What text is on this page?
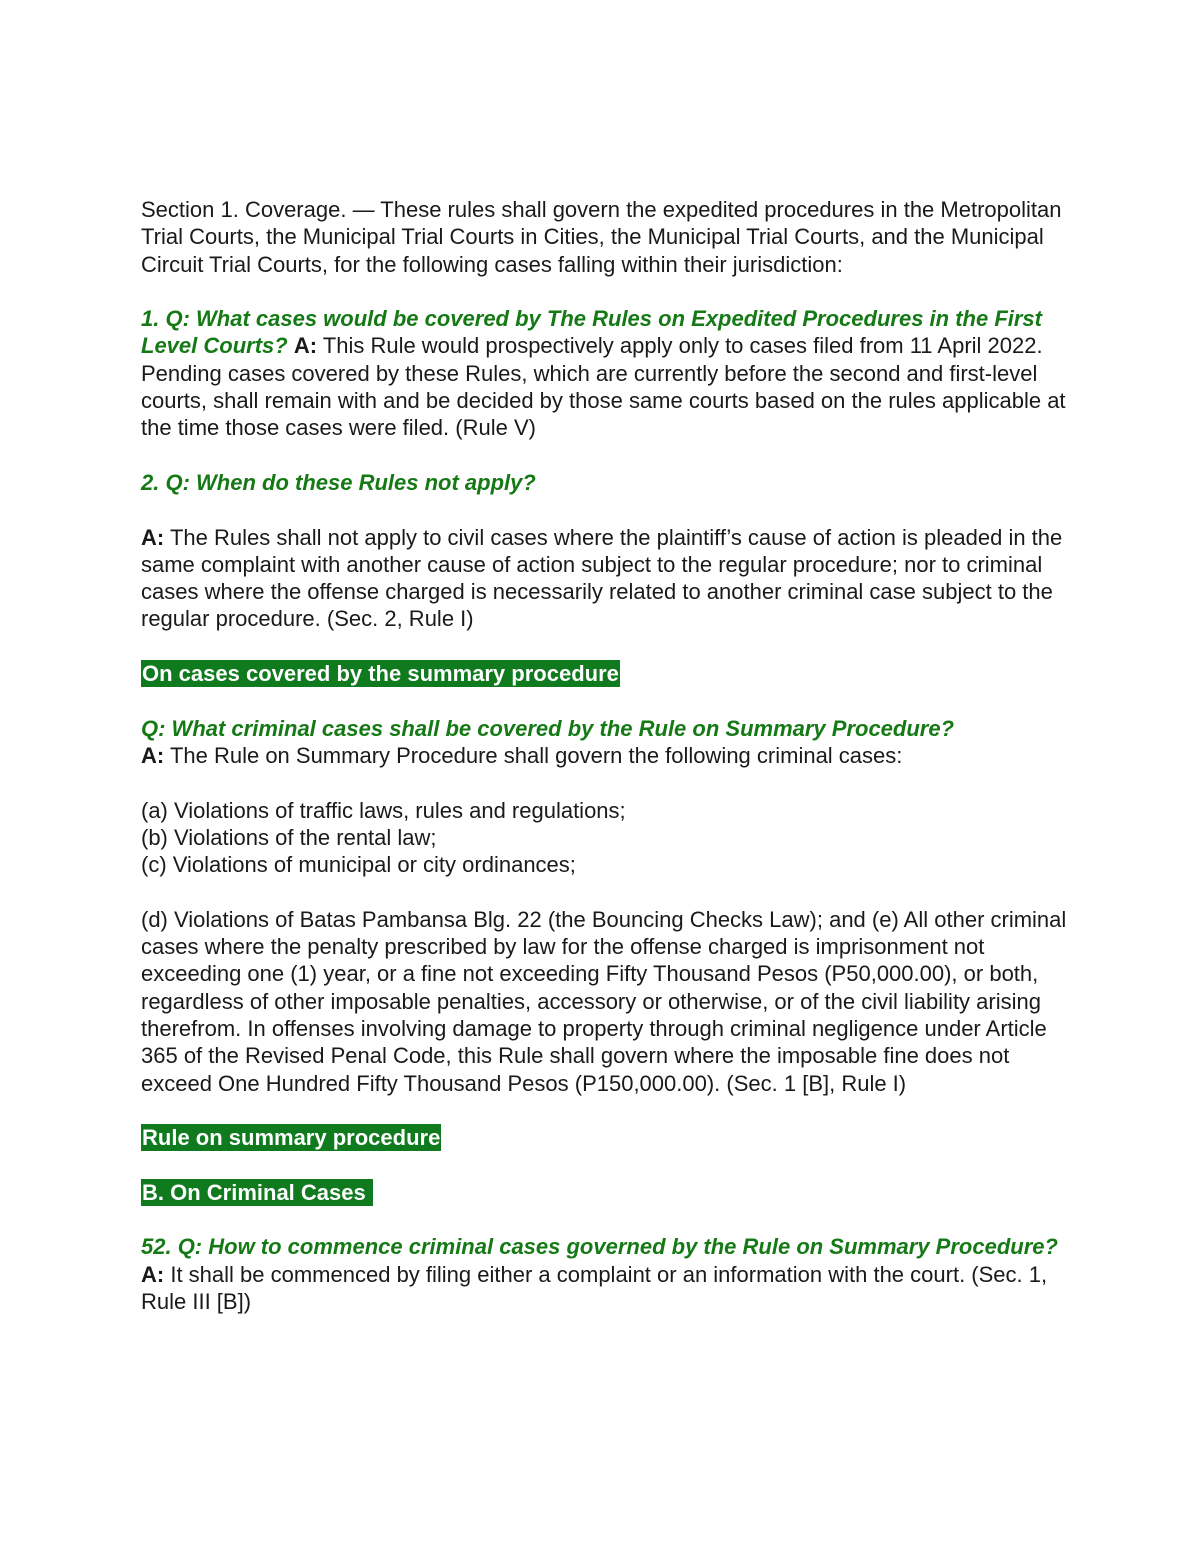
Section 1. Coverage. — These rules shall govern the expedited procedures in the Metropolitan Trial Courts, the Municipal Trial Courts in Cities, the Municipal Trial Courts, and the Municipal Circuit Trial Courts, for the following cases falling within their jurisdiction:

1. Q: What cases would be covered by The Rules on Expedited Procedures in the First Level Courts? A: This Rule would prospectively apply only to cases filed from 11 April 2022. Pending cases covered by these Rules, which are currently before the second and first-level courts, shall remain with and be decided by those same courts based on the rules applicable at the time those cases were filed. (Rule V)

2. Q: When do these Rules not apply?

A: The Rules shall not apply to civil cases where the plaintiff’s cause of action is pleaded in the same complaint with another cause of action subject to the regular procedure; nor to criminal cases where the offense charged is necessarily related to another criminal case subject to the regular procedure. (Sec. 2, Rule I)

On cases covered by the summary procedure

Q: What criminal cases shall be covered by the Rule on Summary Procedure?

A: The Rule on Summary Procedure shall govern the following criminal cases:

(a) Violations of traffic laws, rules and regulations;

(b) Violations of the rental law;

(c) Violations of municipal or city ordinances;

(d) Violations of Batas Pambansa Blg. 22 (the Bouncing Checks Law); and (e) All other criminal cases where the penalty prescribed by law for the offense charged is imprisonment not exceeding one (1) year, or a fine not exceeding Fifty Thousand Pesos (P50,000.00), or both, regardless of other imposable penalties, accessory or otherwise, or of the civil liability arising therefrom. In offenses involving damage to property through criminal negligence under Article 365 of the Revised Penal Code, this Rule shall govern where the imposable fine does not exceed One Hundred Fifty Thousand Pesos (P150,000.00). (Sec. 1 [B], Rule I)

Rule on summary procedure

B. On Criminal Cases

52. Q: How to commence criminal cases governed by the Rule on Summary Procedure?

A: It shall be commenced by filing either a complaint or an information with the court. (Sec. 1, Rule III [B])
